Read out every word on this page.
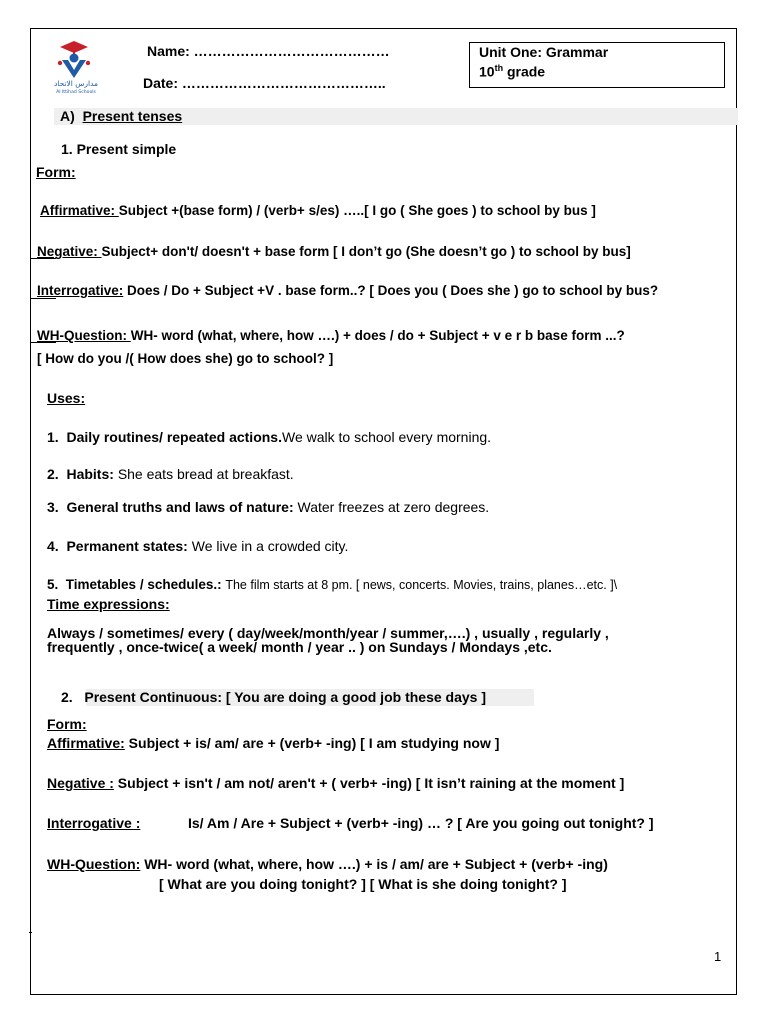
مدارس الاتحاد
Al Ittihad Schools
Name: ……………………………………
Date: ……………………………………..
Unit One: Grammar
10th grade
A) Present tenses
1. Present simple
Form:
Affirmative: Subject +(base form) / (verb+ s/es) …..[ I go ( She goes ) to school by bus ]
Negative: Subject+ don't/ doesn't + base form [ I don’t go (She doesn’t go ) to school by bus]
Interrogative: Does / Do + Subject +V . base form..? [ Does you ( Does she ) go to school by bus?
WH-Question: WH- word (what, where, how ….) + does / do + Subject + v e r b base form ...?
[ How do you /( How does she) go to school? ]
Uses:
1. Daily routines/ repeated actions.We walk to school every morning.
2. Habits: She eats bread at breakfast.
3. General truths and laws of nature: Water freezes at zero degrees.
4. Permanent states: We live in a crowded city.
5. Timetables / schedules.: The film starts at 8 pm. [ news, concerts. Movies, trains, planes…etc. ]\
Time expressions:
Always / sometimes/ every ( day/week/month/year / summer,….) , usually , regularly ,
frequently , once-twice( a week/ month / year .. ) on Sundays / Mondays ,etc.
2. Present Continuous: [ You are doing a good job these days ]
Form:
Affirmative: Subject + is/ am/ are + (verb+ -ing) [ I am studying now ]
Negative : Subject + isn't / am not/ aren't + ( verb+ -ing) [ It isn’t raining at the moment ]
Interrogative :	Is/ Am / Are + Subject + (verb+ -ing) … ? [ Are you going out tonight? ]
WH-Question: WH- word (what, where, how ….) + is / am/ are + Subject + (verb+ -ing)
[ What are you doing tonight? ] [ What is she doing tonight? ]
1
